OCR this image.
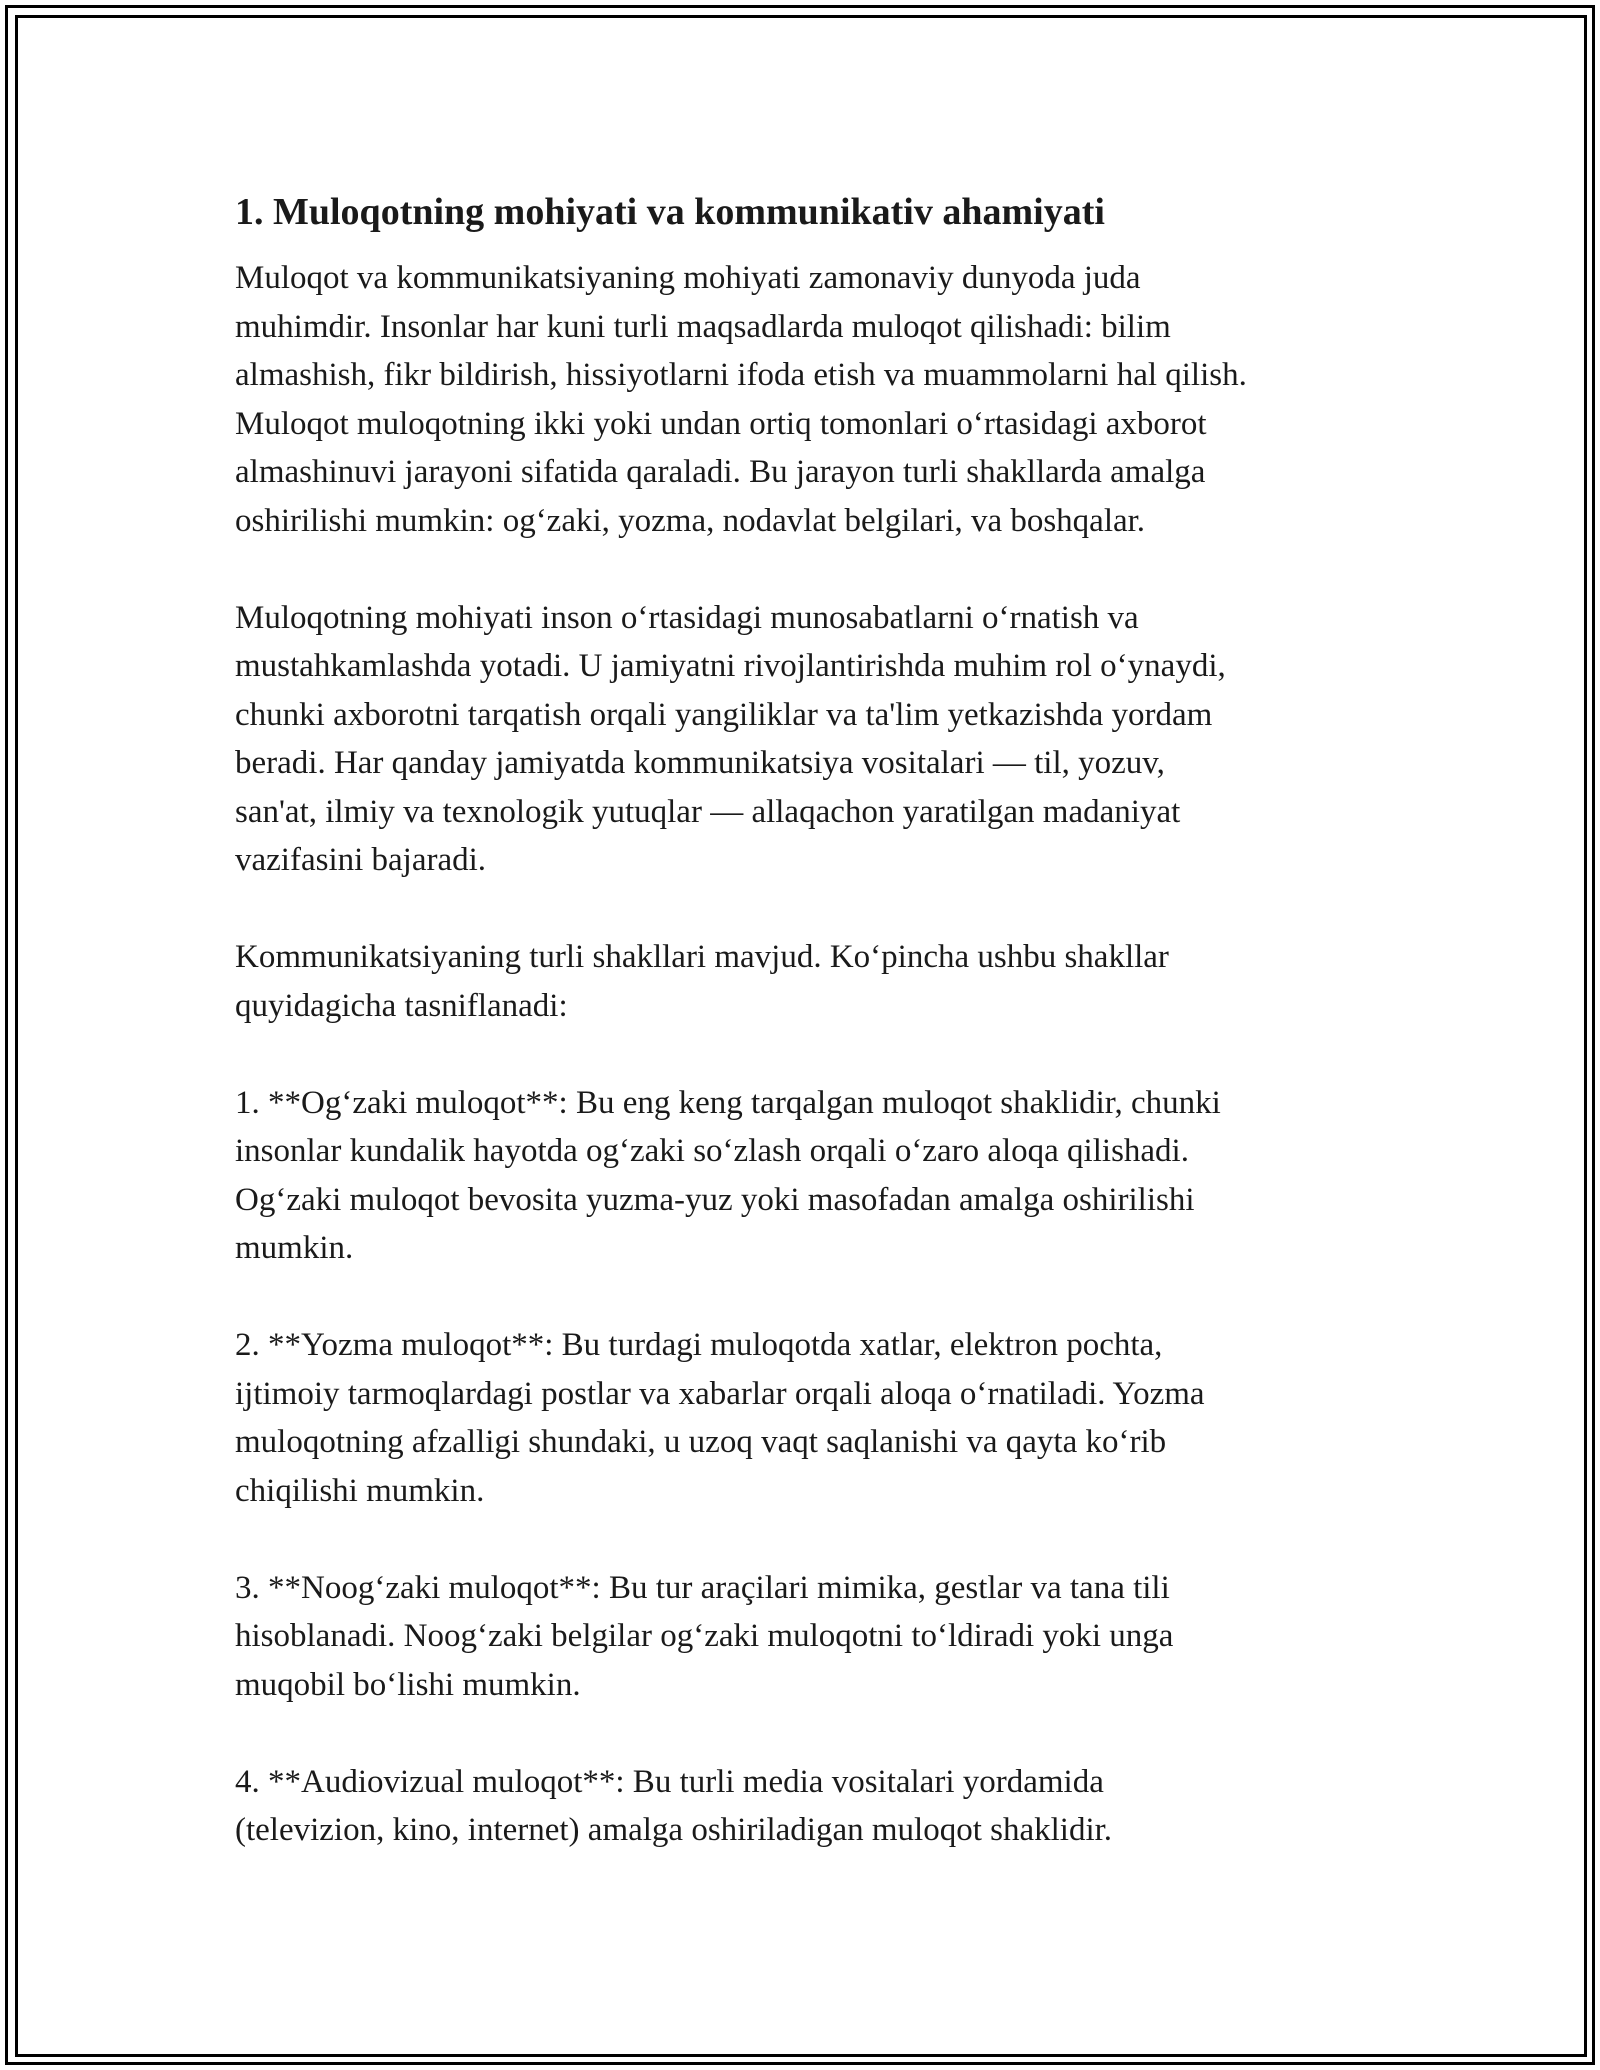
1. Muloqotning mohiyati va kommunikativ ahamiyati

Muloqot va kommunikatsiyaning mohiyati zamonaviy dunyoda juda
muhimdir. Insonlar har kuni turli maqsadlarda muloqot qilishadi: bilim
almashish, fikr bildirish, hissiyotlarni ifoda etish va muammolarni hal qilish.
Muloqot muloqotning ikki yoki undan ortiq tomonlari o‘rtasidagi axborot
almashinuvi jarayoni sifatida qaraladi. Bu jarayon turli shakllarda amalga
oshirilishi mumkin: og‘zaki, yozma, nodavlat belgilari, va boshqalar.

Muloqotning mohiyati inson o‘rtasidagi munosabatlarni o‘rnatish va
mustahkamlashda yotadi. U jamiyatni rivojlantirishda muhim rol o‘ynaydi,
chunki axborotni tarqatish orqali yangiliklar va ta'lim yetkazishda yordam
beradi. Har qanday jamiyatda kommunikatsiya vositalari — til, yozuv,
san'at, ilmiy va texnologik yutuqlar — allaqachon yaratilgan madaniyat
vazifasini bajaradi.

Kommunikatsiyaning turli shakllari mavjud. Ko‘pincha ushbu shakllar
quyidagicha tasniflanadi:

1. **Og‘zaki muloqot**: Bu eng keng tarqalgan muloqot shaklidir, chunki
insonlar kundalik hayotda og‘zaki so‘zlash orqali o‘zaro aloqa qilishadi.
Og‘zaki muloqot bevosita yuzma-yuz yoki masofadan amalga oshirilishi
mumkin.

2. **Yozma muloqot**: Bu turdagi muloqotda xatlar, elektron pochta,
ijtimoiy tarmoqlardagi postlar va xabarlar orqali aloqa o‘rnatiladi. Yozma
muloqotning afzalligi shundaki, u uzoq vaqt saqlanishi va qayta ko‘rib
chiqilishi mumkin.

3. **Noog‘zaki muloqot**: Bu tur araçilari mimika, gestlar va tana tili
hisoblanadi. Noog‘zaki belgilar og‘zaki muloqotni to‘ldiradi yoki unga
muqobil bo‘lishi mumkin.

4. **Audiovizual muloqot**: Bu turli media vositalari yordamida
(televizion, kino, internet) amalga oshiriladigan muloqot shaklidir.
